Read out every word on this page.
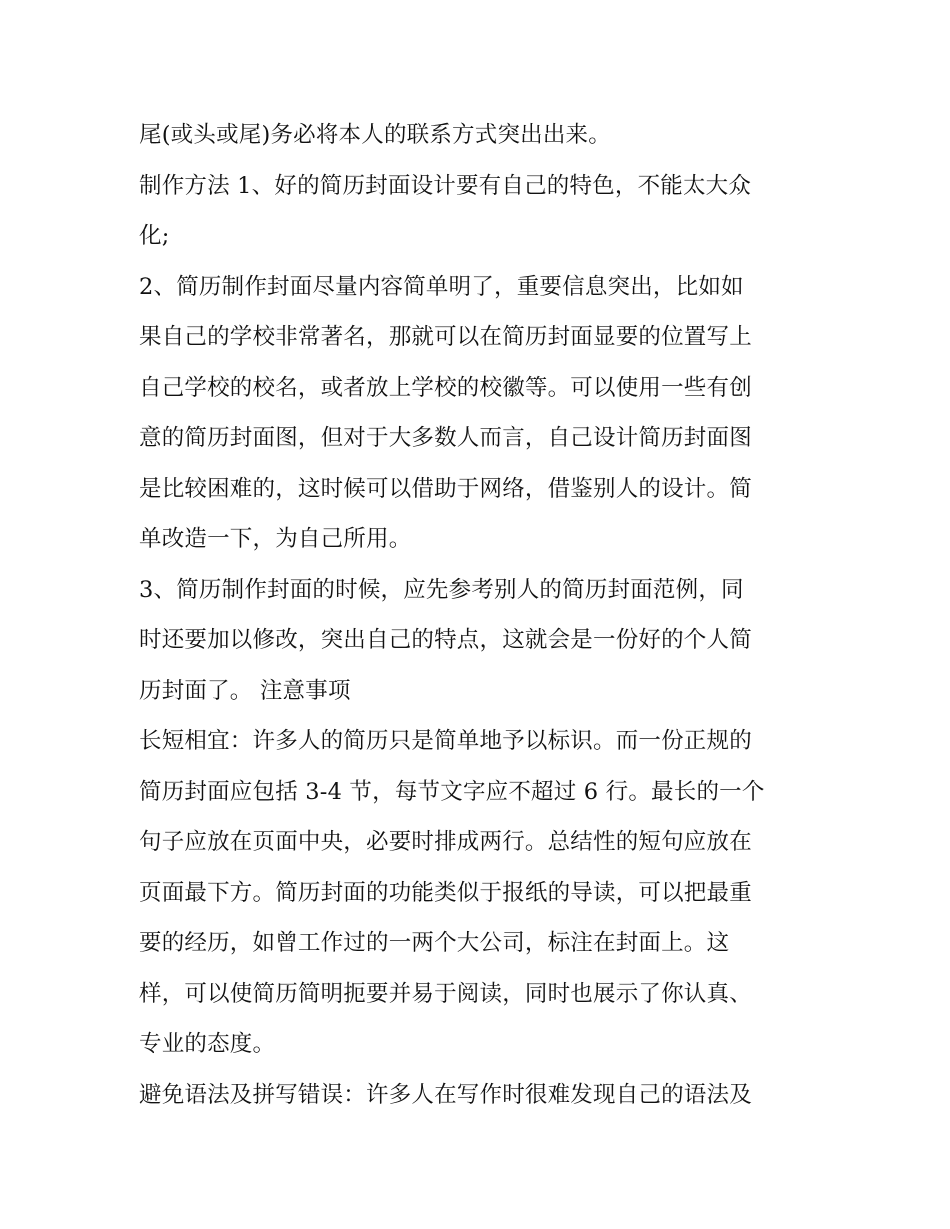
尾(或头或尾)务必将本人的联系方式突出出来。

制作方法 1、好的简历封面设计要有自己的特色，不能太大众
化;

2、简历制作封面尽量内容简单明了，重要信息突出，比如如
果自己的学校非常著名，那就可以在简历封面显要的位置写上
自己学校的校名，或者放上学校的校徽等。可以使用一些有创
意的简历封面图，但对于大多数人而言，自己设计简历封面图
是比较困难的，这时候可以借助于网络，借鉴别人的设计。简
单改造一下，为自己所用。

3、简历制作封面的时候，应先参考别人的简历封面范例，同
时还要加以修改，突出自己的特点，这就会是一份好的个人简
历封面了。 注意事项

长短相宜：许多人的简历只是简单地予以标识。而一份正规的
简历封面应包括 3-4 节，每节文字应不超过 6 行。最长的一个
句子应放在页面中央，必要时排成两行。总结性的短句应放在
页面最下方。简历封面的功能类似于报纸的导读，可以把最重
要的经历，如曾工作过的一两个大公司，标注在封面上。这
样，可以使简历简明扼要并易于阅读，同时也展示了你认真、
专业的态度。

避免语法及拼写错误：许多人在写作时很难发现自己的语法及
